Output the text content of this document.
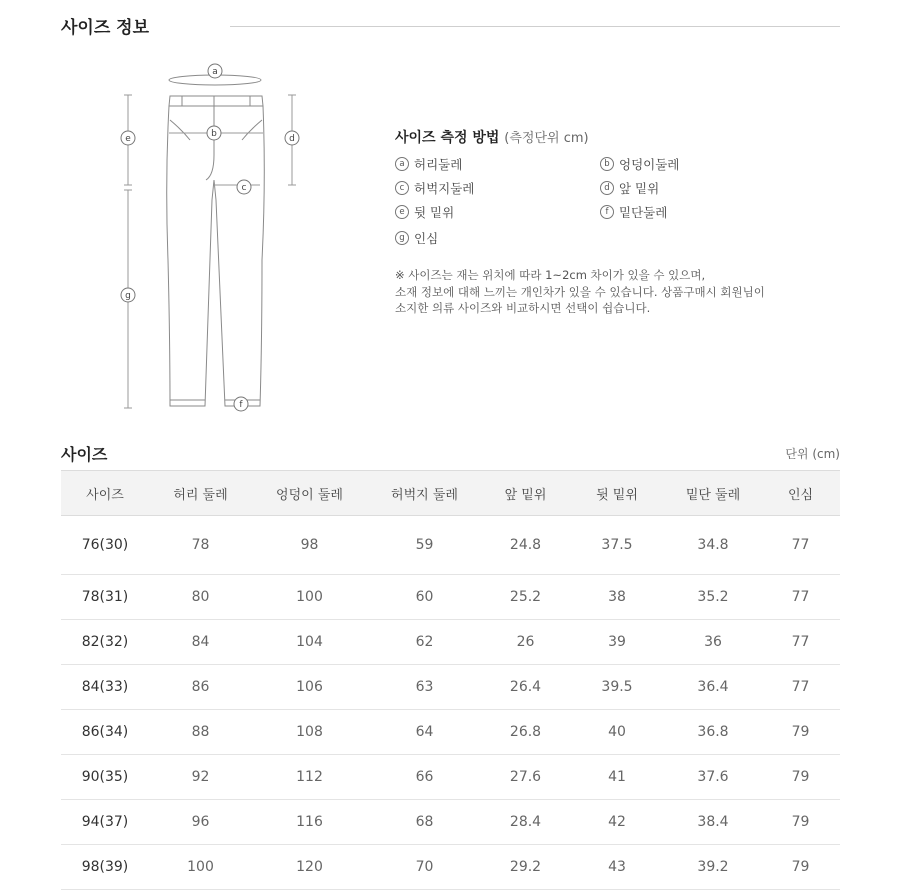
사이즈 정보
a
b
c
d
e
f
g
사이즈 측정 방법 (측정단위 cm)
a 허리둘레	b 엉덩이둘레
c 허벅지둘레	d 앞 밑위
e 뒷 밑위	f 밑단둘레
g 인심
※ 사이즈는 재는 위치에 따라 1~2cm 차이가 있을 수 있으며,
소재 정보에 대해 느끼는 개인차가 있을 수 있습니다. 상품구매시 회원님이
소지한 의류 사이즈와 비교하시면 선택이 쉽습니다.
사이즈	단위 (cm)
사이즈	허리 둘레	엉덩이 둘레	허벅지 둘레	앞 밑위	뒷 밑위	밑단 둘레	인심
76(30)	78	98	59	24.8	37.5	34.8	77
78(31)	80	100	60	25.2	38	35.2	77
82(32)	84	104	62	26	39	36	77
84(33)	86	106	63	26.4	39.5	36.4	77
86(34)	88	108	64	26.8	40	36.8	79
90(35)	92	112	66	27.6	41	37.6	79
94(37)	96	116	68	28.4	42	38.4	79
98(39)	100	120	70	29.2	43	39.2	79
